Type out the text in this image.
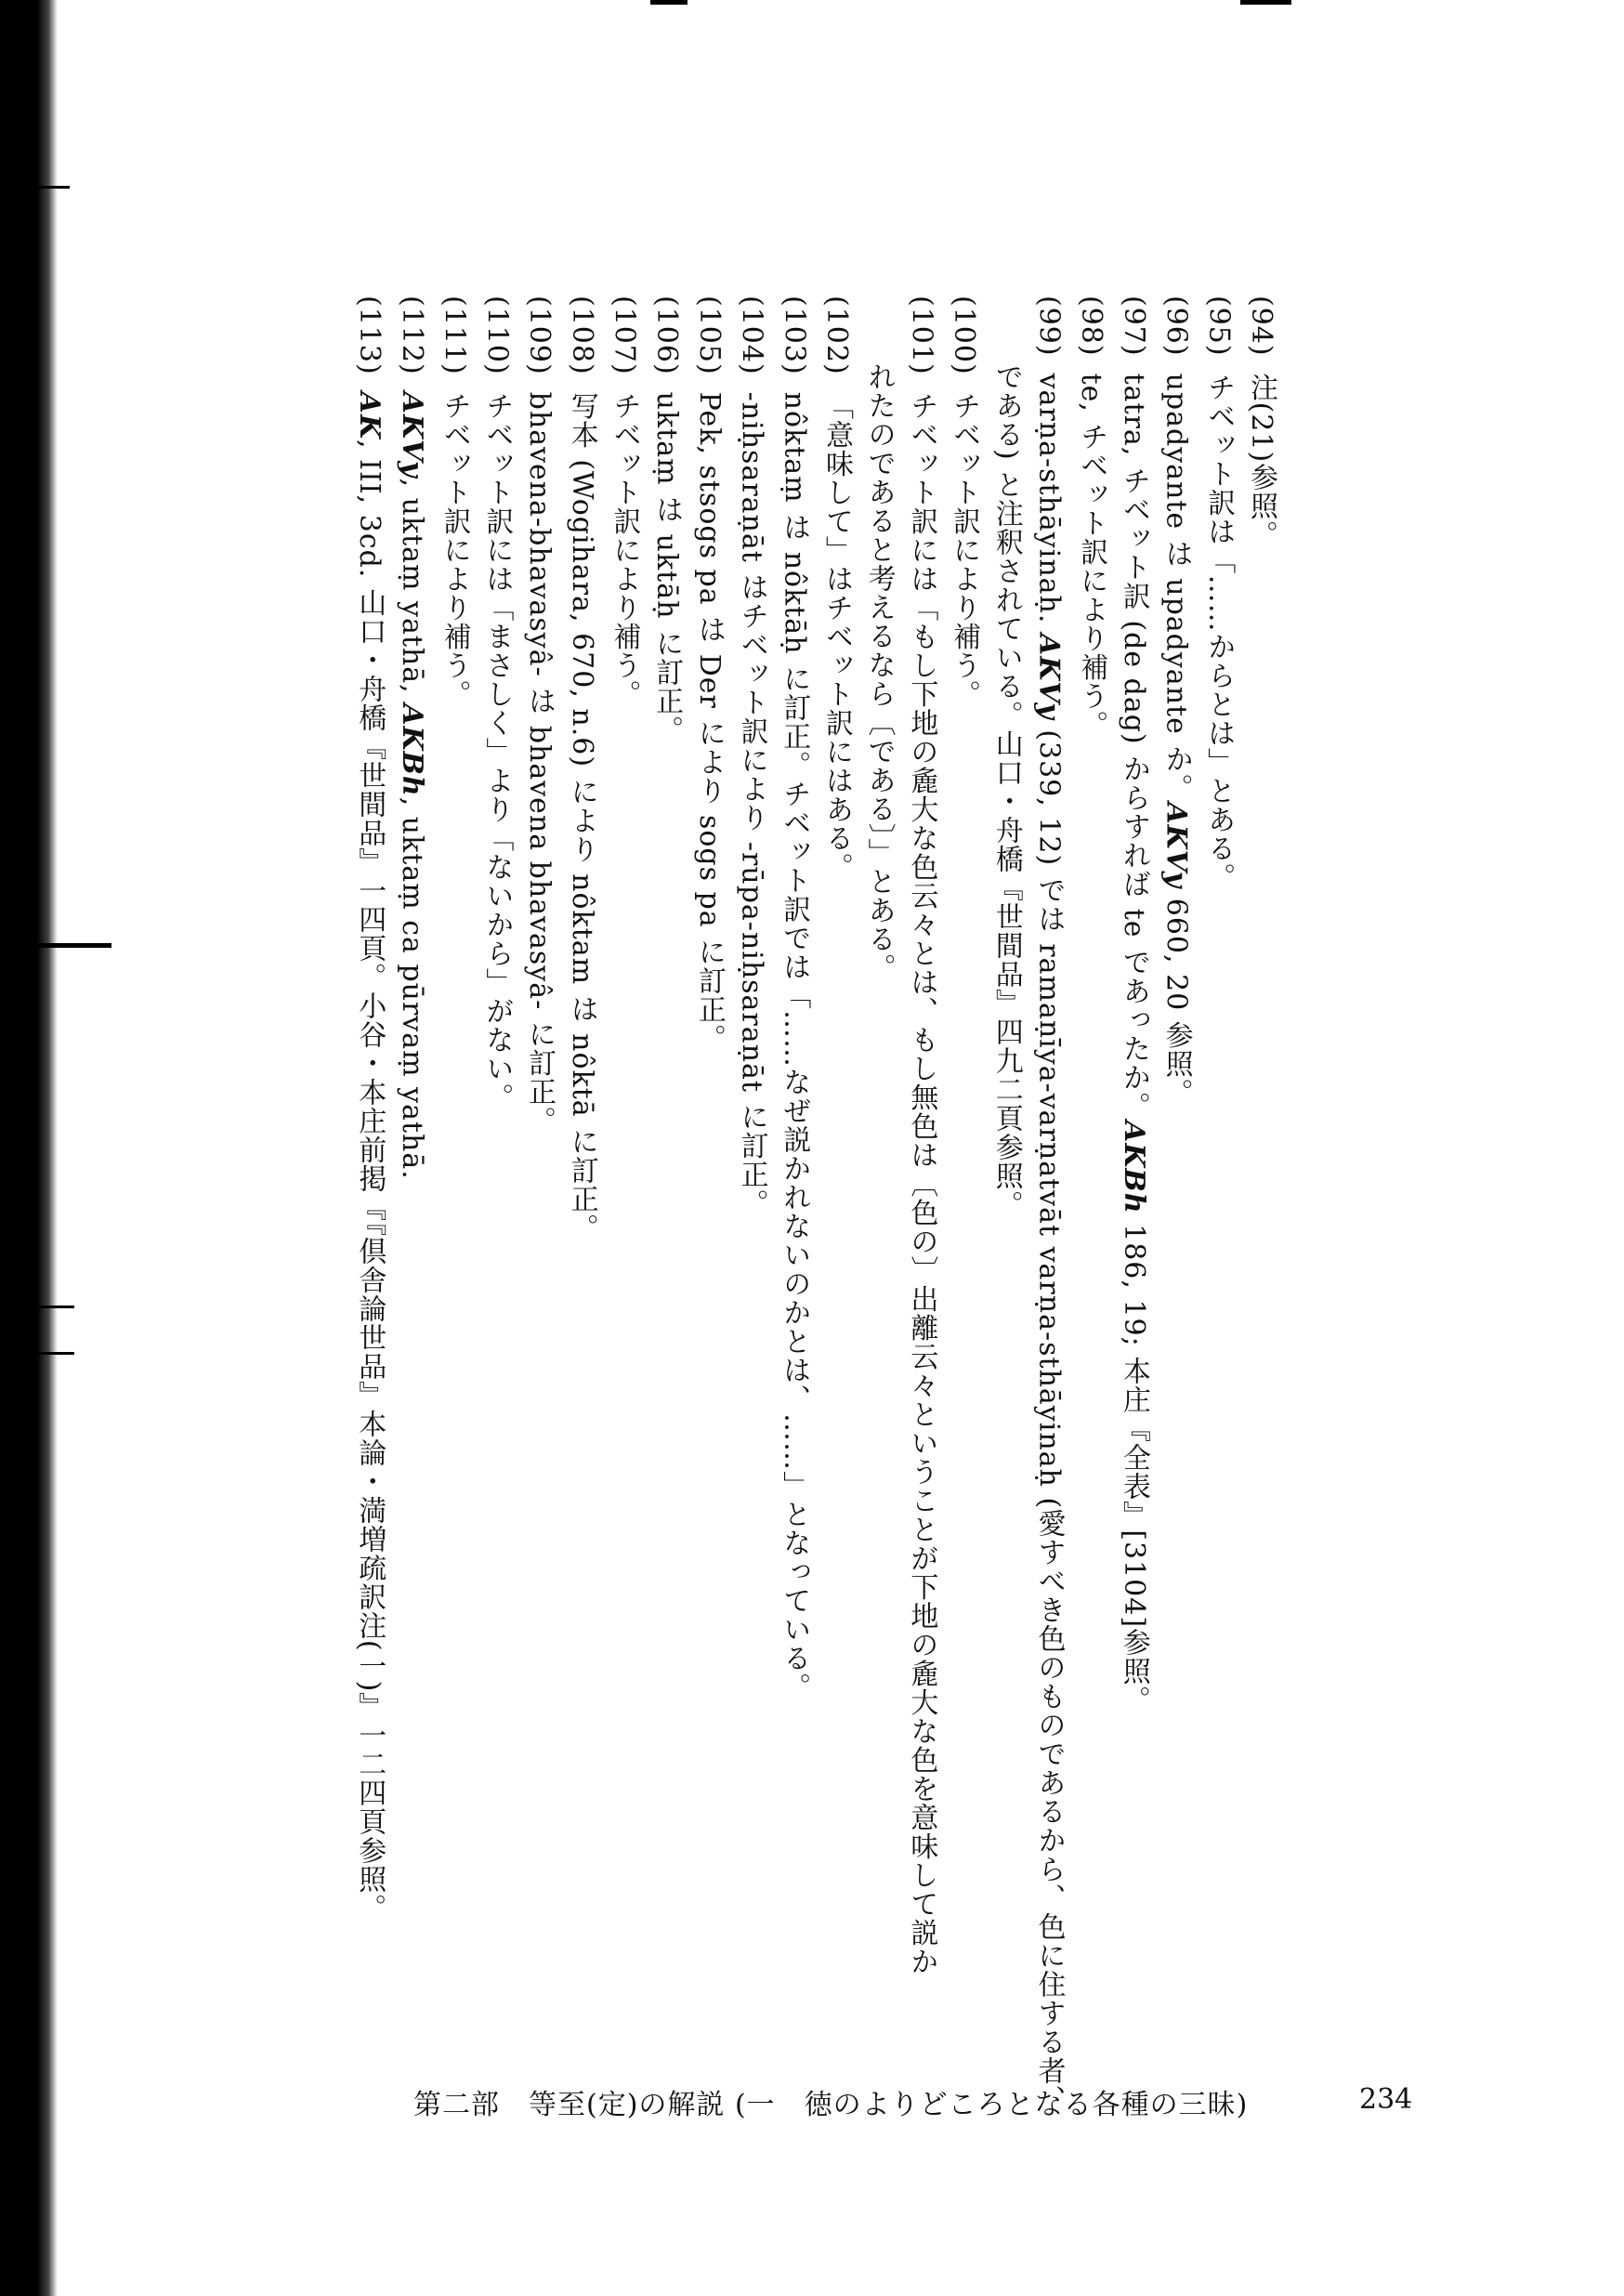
(94)注(21)参照。
(95)チベット訳は「……からとは」とある。
(96)upadyante は upadyante か。AKVy 660, 20 参照。
(97)tatra, チベット訳 (de dag) からすれば te であったか。AKBh 186, 19; 本庄『全表』[3104]参照。
(98)te, チベット訳により補う。
(99)varṇa-sthāyinaḥ. AKVy (339, 12) では ramaṇīya-varṇatvāt varṇa-sthāyinaḥ (愛すべき色のものであるから、色に住する者、
である) と注釈されている。山口・舟橋『世間品』四九二頁参照。
(100)チベット訳により補う。
(101)チベット訳には「もし下地の麁大な色云々とは、もし無色は〔色の〕出離云々ということが下地の麁大な色を意味して説か
れたのであると考えるなら〔である〕」とある。
(102)「意味して」はチベット訳にはある。
(103)nôktaṃ は nôktāḥ に訂正。チベット訳では「……なぜ説かれないのかとは、……」となっている。
(104)-niḥsaraṇāt はチベット訳により -rūpa-niḥsaraṇāt に訂正。
(105)Pek, stsogs pa は Der により sogs pa に訂正。
(106)uktaṃ は uktāḥ に訂正。
(107)チベット訳により補う。
(108)写本 (Wogihara, 670, n.6) により nôktam は nôktā に訂正。
(109)bhavena-bhavasyâ- は bhavena bhavasyâ- に訂正。
(110)チベット訳には「まさしく」より「ないから」がない。
(111)チベット訳により補う。
(112)AKVy, uktaṃ yathā, AKBh, uktaṃ ca pūrvaṃ yathā.
(113)AK, III, 3cd. 山口・舟橋『世間品』一四頁。小谷・本庄前掲『『倶舎論世品』本論・満増疏訳注(一)』一二四頁参照。
第二部　等至(定)の解説 (一　徳のよりどころとなる各種の三昧)	234
